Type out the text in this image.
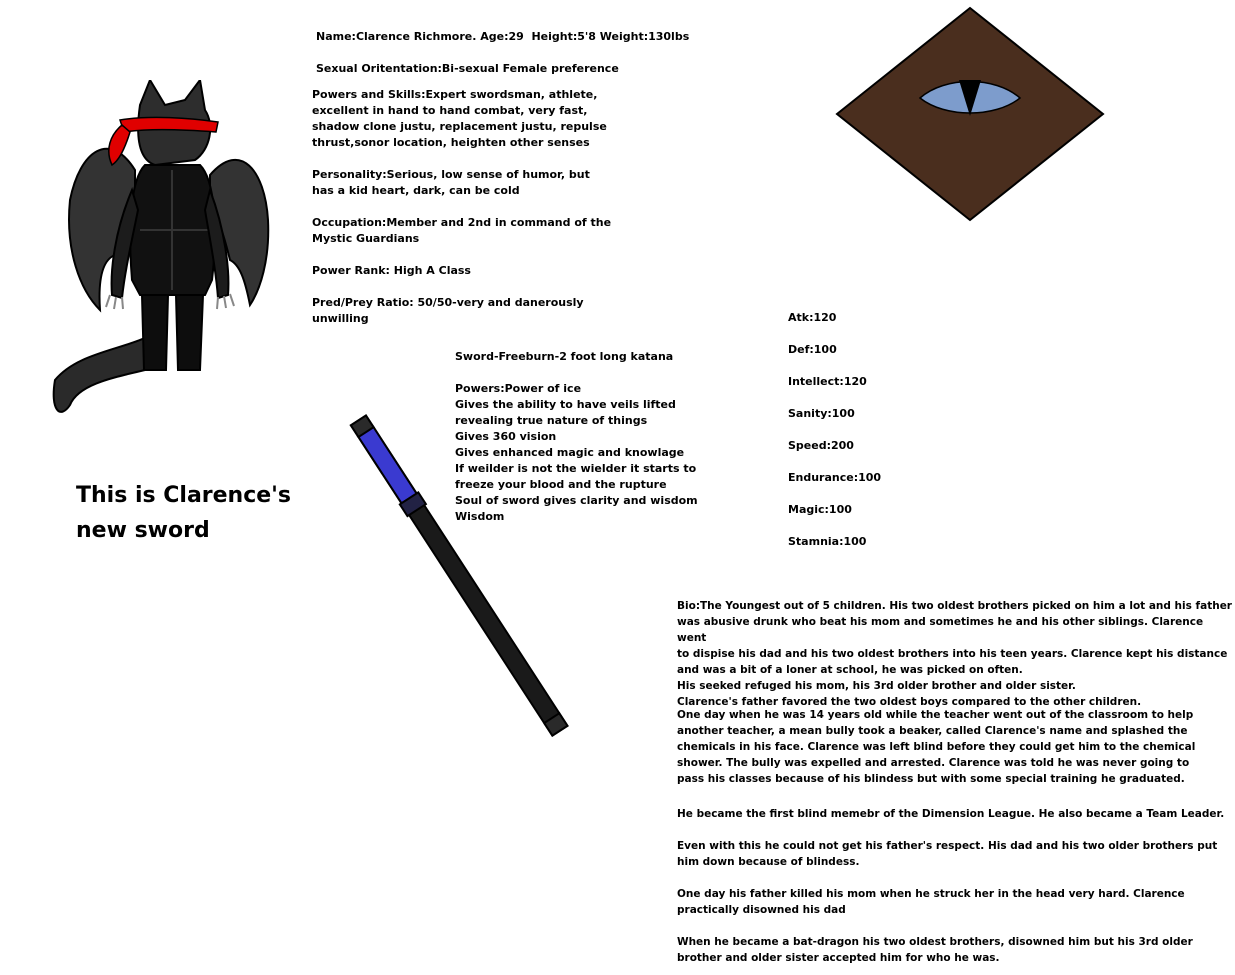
Name:Clarence Richmore. Age:29  Height:5'8 Weight:130lbs
Sexual Oritentation:Bi-sexual Female preference
Powers and Skills:Expert swordsman, athlete,
excellent in hand to hand combat, very fast,
shadow clone justu, replacement justu, repulse
thrust,sonor location, heighten other senses
Personality:Serious, low sense of humor, but
has a kid heart, dark, can be cold
Occupation:Member and 2nd in command of the
Mystic Guardians
Power Rank: High A Class
Pred/Prey Ratio: 50/50-very and danerously
unwilling
Sword-Freeburn-2 foot long katana
Powers:Power of ice
Gives the ability to have veils lifted
revealing true nature of things
Gives 360 vision
Gives enhanced magic and knowlage
If weilder is not the wielder it starts to
freeze your blood and the rupture
Soul of sword gives clarity and wisdom
Wisdom
Atk:120
Def:100
Intellect:120
Sanity:100
Speed:200
Endurance:100
Magic:100
Stamnia:100
This is Clarence's
new sword
Bio:The Youngest out of 5 children. His two oldest brothers picked on him a lot and his father
was abusive drunk who beat his mom and sometimes he and his other siblings. Clarence went
to dispise his dad and his two oldest brothers into his teen years. Clarence kept his distance
and was a bit of a loner at school, he was picked on often.
His seeked refuged his mom, his 3rd older brother and older sister.
Clarence's father favored the two oldest boys compared to the other children.
One day when he was 14 years old while the teacher went out of the classroom to help
another teacher, a mean bully took a beaker, called Clarence's name and splashed the
chemicals in his face. Clarence was left blind before they could get him to the chemical
shower. The bully was expelled and arrested. Clarence was told he was never going to
pass his classes because of his blindess but with some special training he graduated.
He became the first blind memebr of the Dimension League. He also became a Team Leader.
Even with this he could not get his father's respect. His dad and his two older brothers put
him down because of blindess.
One day his father killed his mom when he struck her in the head very hard. Clarence
practically disowned his dad
When he became a bat-dragon his two oldest brothers, disowned him but his 3rd older
brother and older sister accepted him for who he was.
